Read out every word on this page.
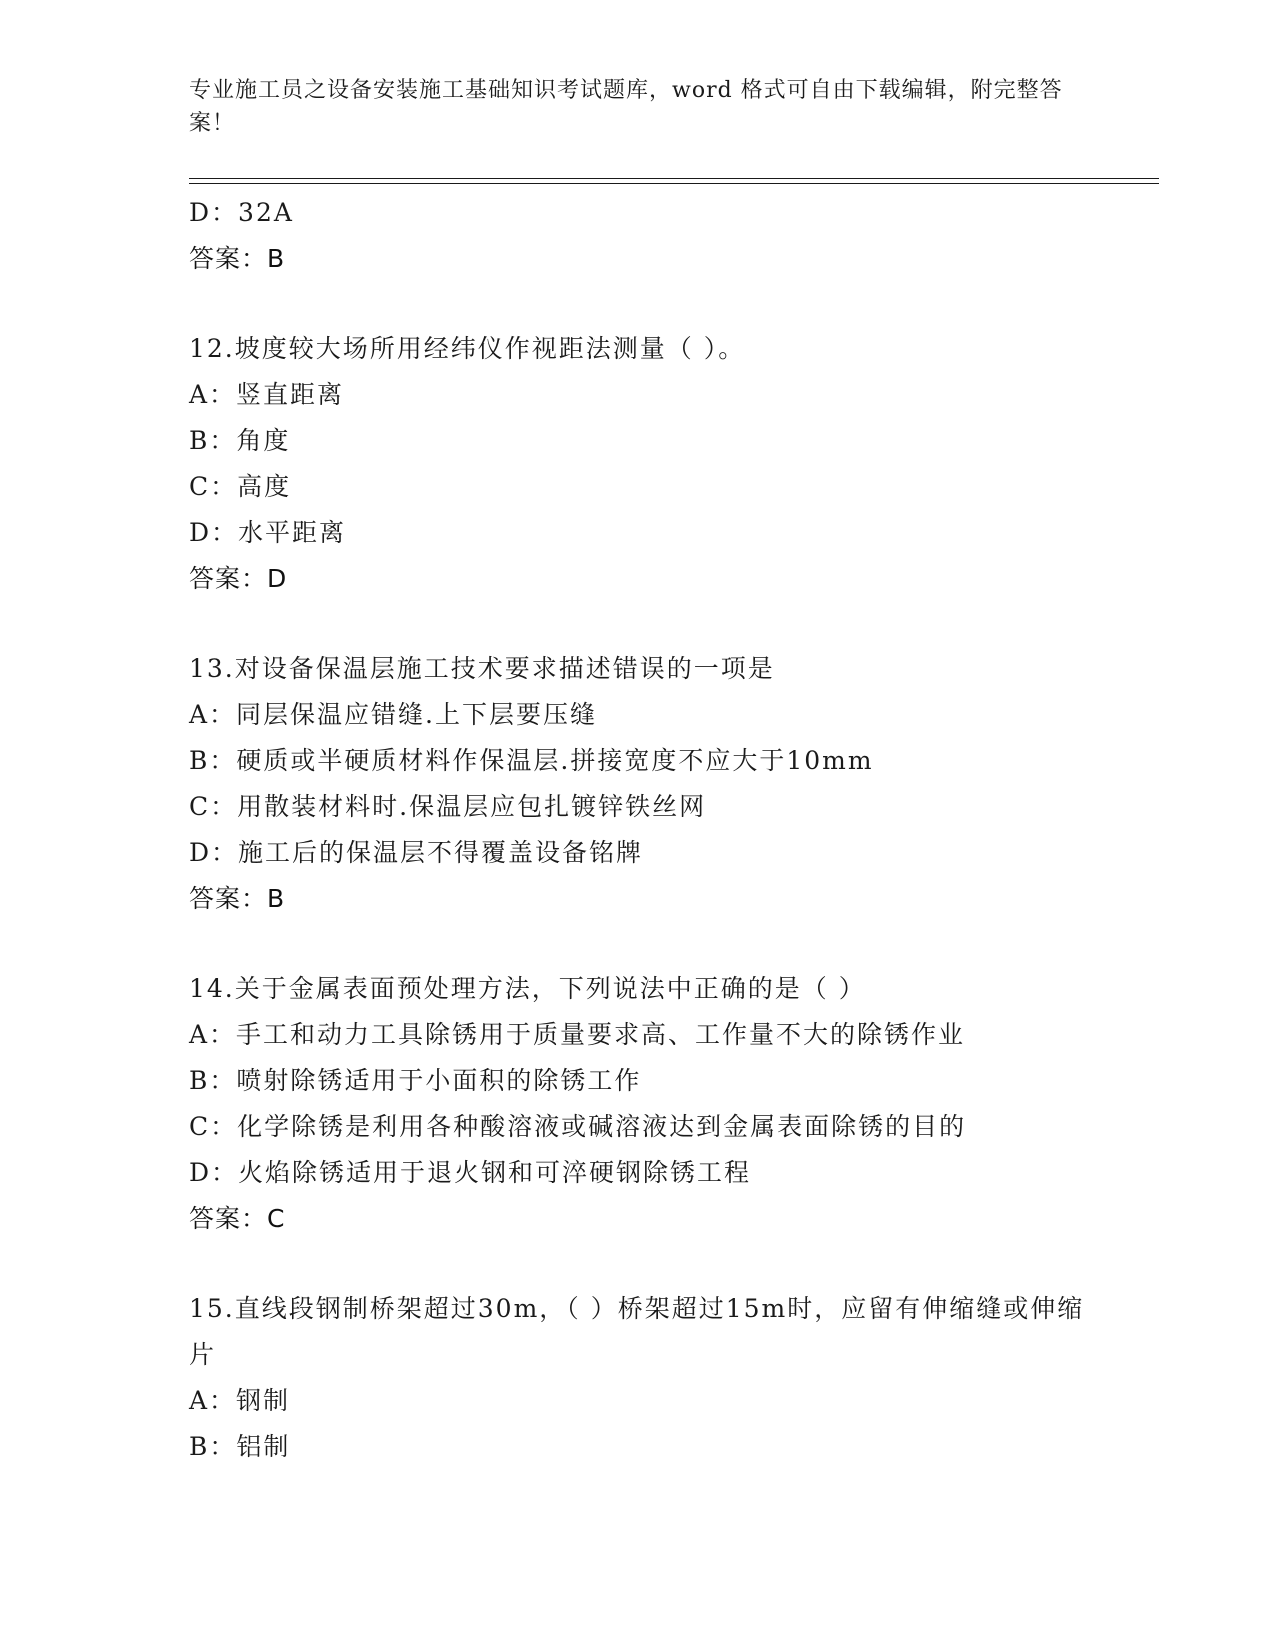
专业施工员之设备安装施工基础知识考试题库，word 格式可自由下载编辑，附完整答案！
D：32A
答案：B
12.坡度较大场所用经纬仪作视距法测量（ ）。
A：竖直距离
B：角度
C：高度
D：水平距离
答案：D
13.对设备保温层施工技术要求描述错误的一项是
A：同层保温应错缝.上下层要压缝
B：硬质或半硬质材料作保温层.拼接宽度不应大于10mm
C：用散装材料时.保温层应包扎镀锌铁丝网
D：施工后的保温层不得覆盖设备铭牌
答案：B
14.关于金属表面预处理方法，下列说法中正确的是（ ）
A：手工和动力工具除锈用于质量要求高、工作量不大的除锈作业
B：喷射除锈适用于小面积的除锈工作
C：化学除锈是利用各种酸溶液或碱溶液达到金属表面除锈的目的
D：火焰除锈适用于退火钢和可淬硬钢除锈工程
答案：C
15.直线段钢制桥架超过30m，（ ）桥架超过15m时，应留有伸缩缝或伸缩片
A：钢制
B：铝制
